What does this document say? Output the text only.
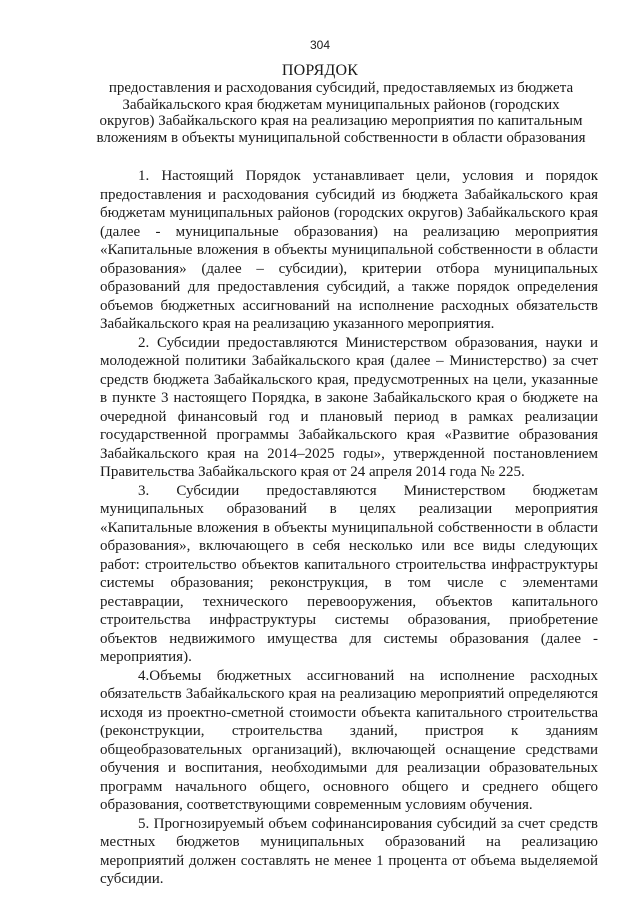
304
ПОРЯДОК
предоставления и расходования субсидий, предоставляемых из бюджета Забайкальского края бюджетам муниципальных районов (городских округов) Забайкальского края на реализацию мероприятия по капитальным вложениям в объекты муниципальной собственности в области образования

1. Настоящий Порядок устанавливает цели, условия и порядок предоставления и расходования субсидий из бюджета Забайкальского края бюджетам муниципальных районов (городских округов) Забайкальского края (далее - муниципальные образования) на реализацию мероприятия «Капитальные вложения в объекты муниципальной собственности в области образования» (далее – субсидии), критерии отбора муниципальных образований для предоставления субсидий, а также порядок определения объемов бюджетных ассигнований на исполнение расходных обязательств Забайкальского края на реализацию указанного мероприятия.

2. Субсидии предоставляются Министерством образования, науки и молодежной политики Забайкальского края (далее – Министерство) за счет средств бюджета Забайкальского края, предусмотренных на цели, указанные в пункте 3 настоящего Порядка, в законе Забайкальского края о бюджете на очередной финансовый год и плановый период в рамках реализации государственной программы Забайкальского края «Развитие образования Забайкальского края на 2014–2025 годы», утвержденной постановлением Правительства Забайкальского края от 24 апреля 2014 года № 225.

3. Субсидии предоставляются Министерством бюджетам муниципальных образований в целях реализации мероприятия «Капитальные вложения в объекты муниципальной собственности в области образования», включающего в себя несколько или все виды следующих работ: строительство объектов капитального строительства инфраструктуры системы образования; реконструкция, в том числе с элементами реставрации, технического перевооружения, объектов капитального строительства инфраструктуры системы образования, приобретение объектов недвижимого имущества для системы образования (далее - мероприятия).

4.Объемы бюджетных ассигнований на исполнение расходных обязательств Забайкальского края на реализацию мероприятий определяются исходя из проектно-сметной стоимости объекта капитального строительства (реконструкции, строительства зданий, пристроя к зданиям общеобразовательных организаций), включающей оснащение средствами обучения и воспитания, необходимыми для реализации образовательных программ начального общего, основного общего и среднего общего образования, соответствующими современным условиям обучения.

5. Прогнозируемый объем софинансирования субсидий за счет средств местных бюджетов муниципальных образований на реализацию мероприятий должен составлять не менее 1 процента от объема выделяемой субсидии.
